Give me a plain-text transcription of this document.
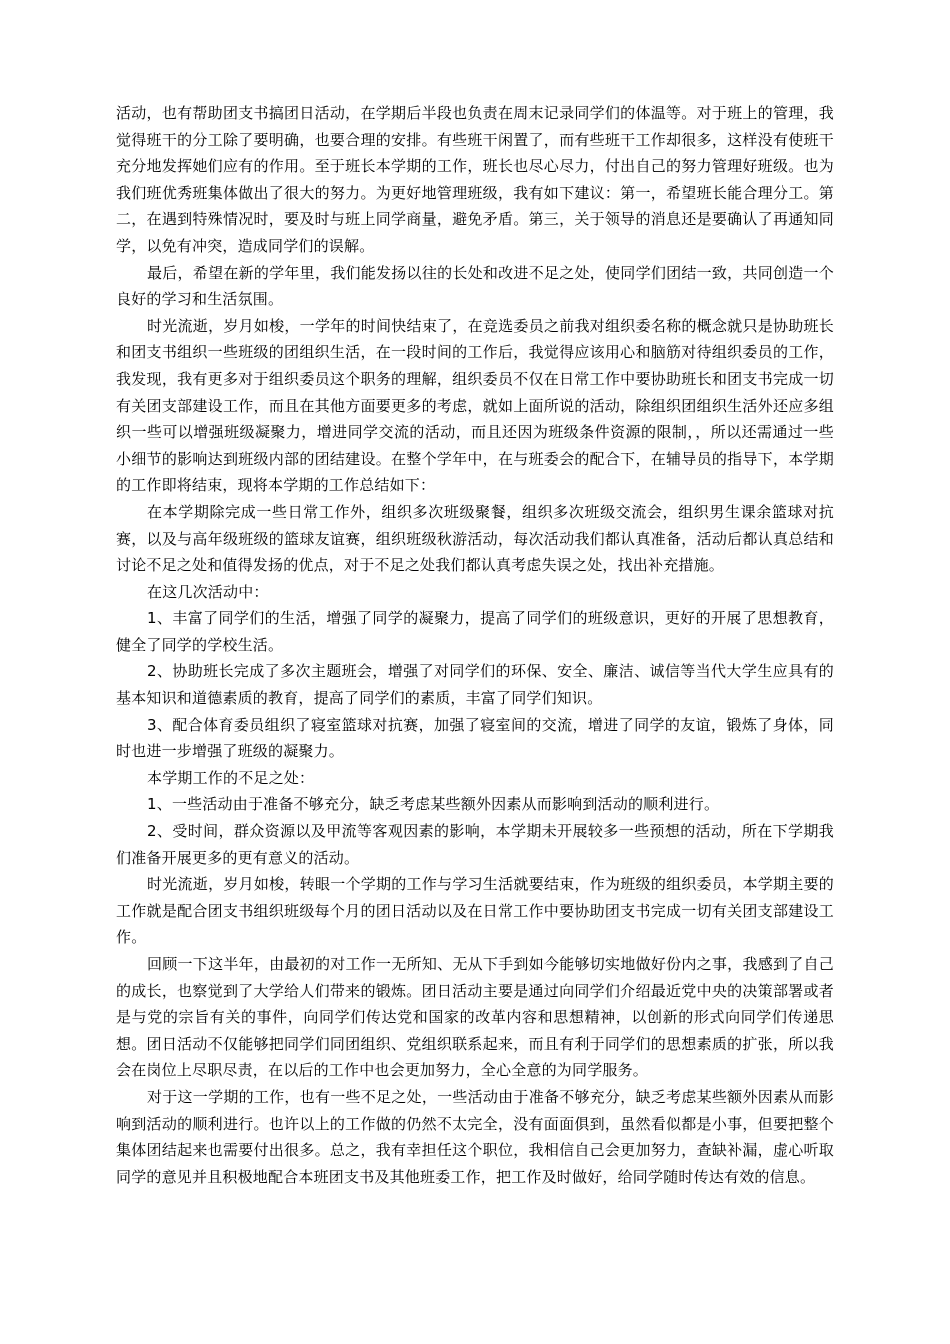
活动，也有帮助团支书搞团日活动，在学期后半段也负责在周末记录同学们的体温等。对于班上的管理，我觉得班干的分工除了要明确，也要合理的安排。有些班干闲置了，而有些班干工作却很多，这样没有使班干充分地发挥她们应有的作用。至于班长本学期的工作，班长也尽心尽力，付出自己的努力管理好班级。也为我们班优秀班集体做出了很大的努力。为更好地管理班级，我有如下建议：第一，希望班长能合理分工。第二，在遇到特殊情况时，要及时与班上同学商量，避免矛盾。第三，关于领导的消息还是要确认了再通知同学，以免有冲突，造成同学们的误解。

最后，希望在新的学年里，我们能发扬以往的长处和改进不足之处，使同学们团结一致，共同创造一个良好的学习和生活氛围。

时光流逝，岁月如梭，一学年的时间快结束了，在竞选委员之前我对组织委名称的概念就只是协助班长和团支书组织一些班级的团组织生活，在一段时间的工作后，我觉得应该用心和脑筋对待组织委员的工作，我发现，我有更多对于组织委员这个职务的理解，组织委员不仅在日常工作中要协助班长和团支书完成一切有关团支部建设工作，而且在其他方面要更多的考虑，就如上面所说的活动，除组织团组织生活外还应多组织一些可以增强班级凝聚力，增进同学交流的活动，而且还因为班级条件资源的限制，，所以还需通过一些小细节的影响达到班级内部的团结建设。在整个学年中，在与班委会的配合下，在辅导员的指导下，本学期的工作即将结束，现将本学期的工作总结如下：

在本学期除完成一些日常工作外，组织多次班级聚餐，组织多次班级交流会，组织男生课余篮球对抗赛，以及与高年级班级的篮球友谊赛，组织班级秋游活动，每次活动我们都认真准备，活动后都认真总结和讨论不足之处和值得发扬的优点，对于不足之处我们都认真考虑失误之处，找出补充措施。

在这几次活动中：

1、丰富了同学们的生活，增强了同学的凝聚力，提高了同学们的班级意识，更好的开展了思想教育，健全了同学的学校生活。

2、协助班长完成了多次主题班会，增强了对同学们的环保、安全、廉洁、诚信等当代大学生应具有的基本知识和道德素质的教育，提高了同学们的素质，丰富了同学们知识。

3、配合体育委员组织了寝室篮球对抗赛，加强了寝室间的交流，增进了同学的友谊，锻炼了身体，同时也进一步增强了班级的凝聚力。

本学期工作的不足之处：

1、一些活动由于准备不够充分，缺乏考虑某些额外因素从而影响到活动的顺利进行。

2、受时间，群众资源以及甲流等客观因素的影响，本学期未开展较多一些预想的活动，所在下学期我们准备开展更多的更有意义的活动。

时光流逝，岁月如梭，转眼一个学期的工作与学习生活就要结束，作为班级的组织委员，本学期主要的工作就是配合团支书组织班级每个月的团日活动以及在日常工作中要协助团支书完成一切有关团支部建设工作。

回顾一下这半年，由最初的对工作一无所知、无从下手到如今能够切实地做好份内之事，我感到了自己的成长，也察觉到了大学给人们带来的锻炼。团日活动主要是通过向同学们介绍最近党中央的决策部署或者是与党的宗旨有关的事件，向同学们传达党和国家的改革内容和思想精神，以创新的形式向同学们传递思想。团日活动不仅能够把同学们同团组织、党组织联系起来，而且有利于同学们的思想素质的扩张，所以我会在岗位上尽职尽责，在以后的工作中也会更加努力，全心全意的为同学服务。

对于这一学期的工作，也有一些不足之处，一些活动由于准备不够充分，缺乏考虑某些额外因素从而影响到活动的顺利进行。也许以上的工作做的仍然不太完全，没有面面俱到，虽然看似都是小事，但要把整个集体团结起来也需要付出很多。总之，我有幸担任这个职位，我相信自己会更加努力，查缺补漏，虚心听取同学的意见并且积极地配合本班团支书及其他班委工作，把工作及时做好，给同学随时传达有效的信息。
